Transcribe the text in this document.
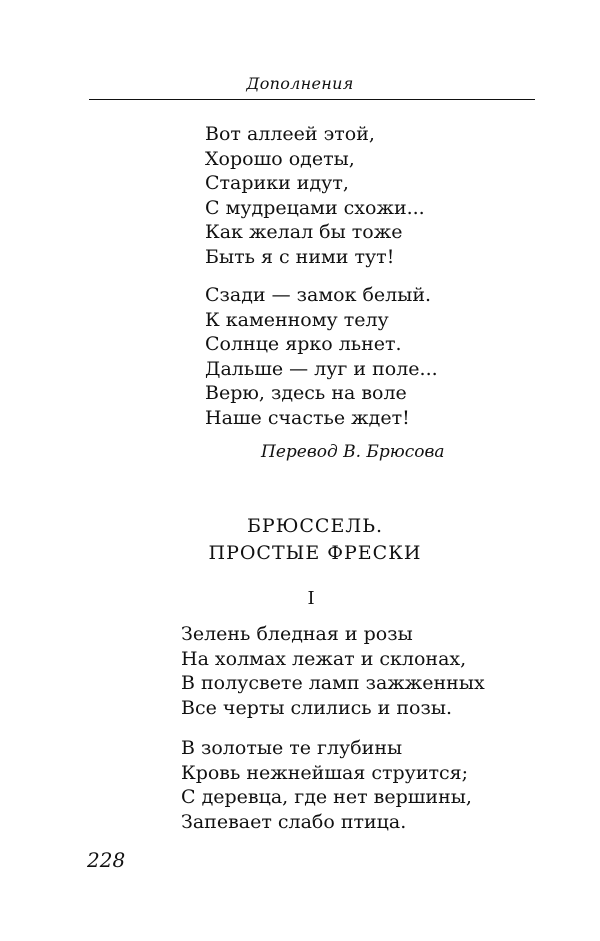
Дополнения
Вот аллеей этой,
Хорошо одеты,
Старики идут,
С мудрецами схожи...
Как желал бы тоже
Быть я с ними тут!
Сзади — замок белый.
К каменному телу
Солнце ярко льнет.
Дальше — луг и поле...
Верю, здесь на воле
Наше счастье ждет!
Перевод В. Брюсова
БРЮССЕЛЬ.
ПРОСТЫЕ ФРЕСКИ
I
Зелень бледная и розы
На холмах лежат и склонах,
В полусвете ламп зажженных
Все черты слились и позы.
В золотые те глубины
Кровь нежнейшая струится;
С деревца, где нет вершины,
Запевает слабо птица.
228
